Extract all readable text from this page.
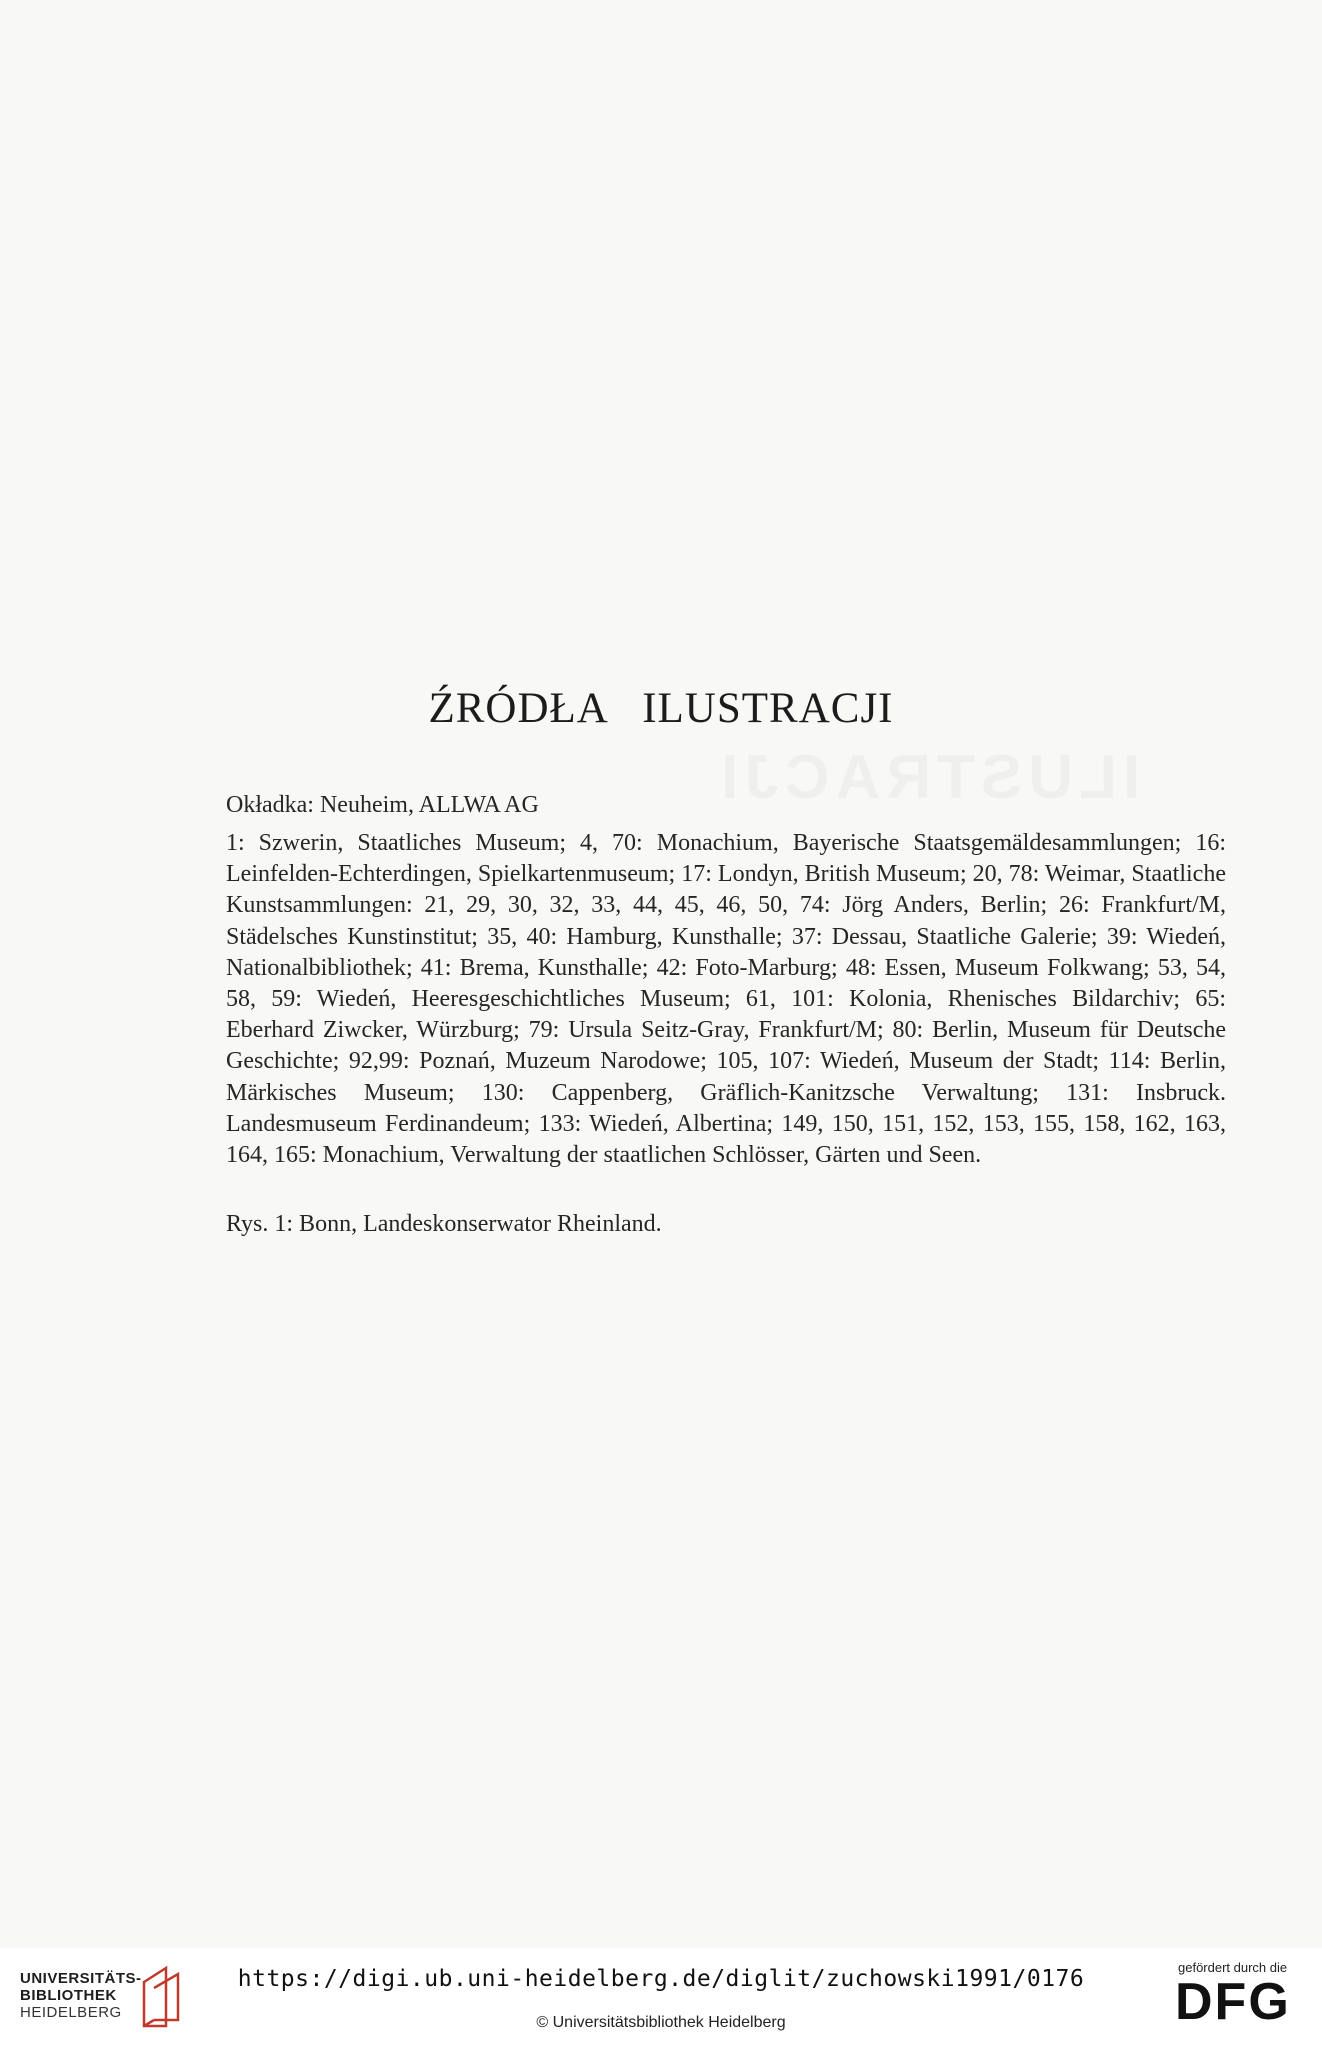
ŹRÓDŁA ILUSTRACJI
Okładka: Neuheim, ALLWA AG
1: Szwerin, Staatliches Museum; 4, 70: Monachium, Bayerische Staatsgemäldesammlungen; 16: Leinfelden-Echterdingen, Spielkartenmuseum; 17: Londyn, British Museum; 20, 78: Weimar, Staatliche Kunstsammlungen: 21, 29, 30, 32, 33, 44, 45, 46, 50, 74: Jörg Anders, Berlin; 26: Frankfurt/M, Städelsches Kunstinstitut; 35, 40: Hamburg, Kunsthalle; 37: Dessau, Staatliche Galerie; 39: Wiedeń, Nationalbibliothek; 41: Brema, Kunsthalle; 42: Foto-Marburg; 48: Essen, Museum Folkwang; 53, 54, 58, 59: Wiedeń, Heeresgeschichtliches Museum; 61, 101: Kolonia, Rhenisches Bildarchiv; 65: Eberhard Ziwcker, Würzburg; 79: Ursula Seitz-Gray, Frankfurt/M; 80: Berlin, Museum für Deutsche Geschichte; 92,99: Poznań, Muzeum Narodowe; 105, 107: Wiedeń, Museum der Stadt; 114: Berlin, Märkisches Museum; 130: Cappenberg, Gräflich-Kanitzsche Verwaltung; 131: Insbruck. Landesmuseum Ferdinandeum; 133: Wiedeń, Albertina; 149, 150, 151, 152, 153, 155, 158, 162, 163, 164, 165: Monachium, Verwaltung der staatlichen Schlösser, Gärten und Seen.
Rys. 1: Bonn, Landeskonserwator Rheinland.
UNIVERSITÄTS-
BIBLIOTHEK
HEIDELBERG
https://digi.ub.uni-heidelberg.de/diglit/zuchowski1991/0176
© Universitätsbibliothek Heidelberg
gefördert durch die
DFG
